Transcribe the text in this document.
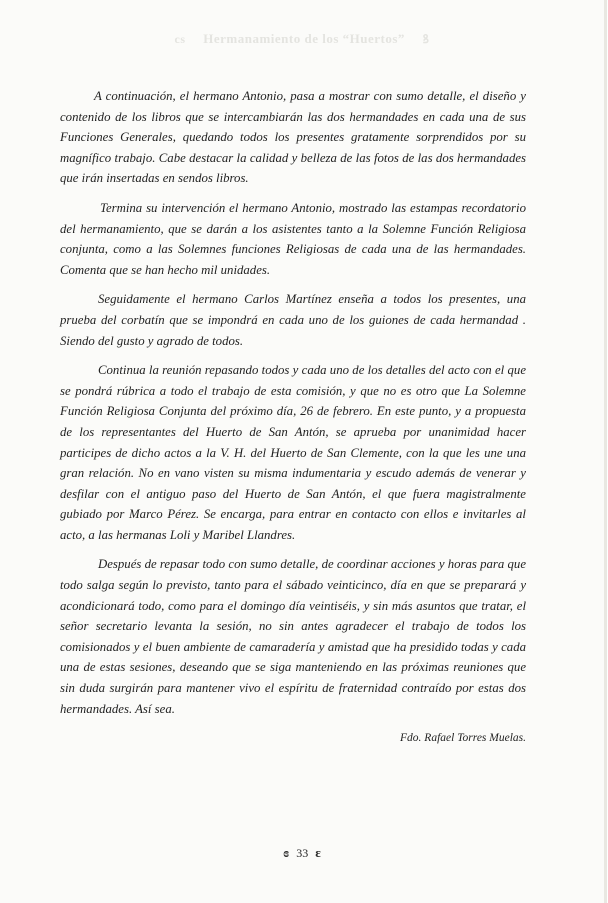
cs Hermanamiento de los “Huertos” ꝸ

A continuación, el hermano Antonio, pasa a mostrar con sumo detalle, el diseño y contenido de los libros que se intercambiarán las dos hermandades en cada una de sus Funciones Generales, quedando todos los presentes gratamente sorprendidos por su magnífico trabajo. Cabe destacar la calidad y belleza de las fotos de las dos hermandades que irán insertadas en sendos libros.

Termina su intervención el hermano Antonio, mostrado las estampas recordatorio del hermanamiento, que se darán a los asistentes tanto a la Solemne Función Religiosa conjunta, como a las Solemnes funciones Religiosas de cada una de las hermandades. Comenta que se han hecho mil unidades.

Seguidamente el hermano Carlos Martínez enseña a todos los presentes, una prueba del corbatín que se impondrá en cada uno de los guiones de cada hermandad . Siendo del gusto y agrado de todos.

Continua la reunión repasando todos y cada uno de los detalles del acto con el que se pondrá rúbrica a todo el trabajo de esta comisión, y que no es otro que La Solemne Función Religiosa Conjunta del próximo día, 26 de febrero. En este punto, y a propuesta de los representantes del Huerto de San Antón, se aprueba por unanimidad hacer participes de dicho actos a la V. H. del Huerto de San Clemente, con la que les une una gran relación. No en vano visten su misma indumentaria y escudo además de venerar y desfilar con el antiguo paso del Huerto de San Antón, el que fuera magistralmente gubiado por Marco Pérez. Se encarga, para entrar en contacto con ellos e invitarles al acto, a las hermanas Loli y Maribel Llandres.

Después de repasar todo con sumo detalle, de coordinar acciones y horas para que todo salga según lo previsto, tanto para el sábado veinticinco, día en que se preparará y acondicionará todo, como para el domingo día veintiséis, y sin más asuntos que tratar, el señor secretario levanta la sesión, no sin antes agradecer el trabajo de todos los comisionados y el buen ambiente de camaradería y amistad que ha presidido todas y cada una de estas sesiones, deseando que se siga manteniendo en las próximas reuniones que sin duda surgirán para mantener vivo el espíritu de fraternidad contraído por estas dos hermandades. Así sea.

Fdo. Rafael Torres Muelas.

ɞ 33 ɛ
